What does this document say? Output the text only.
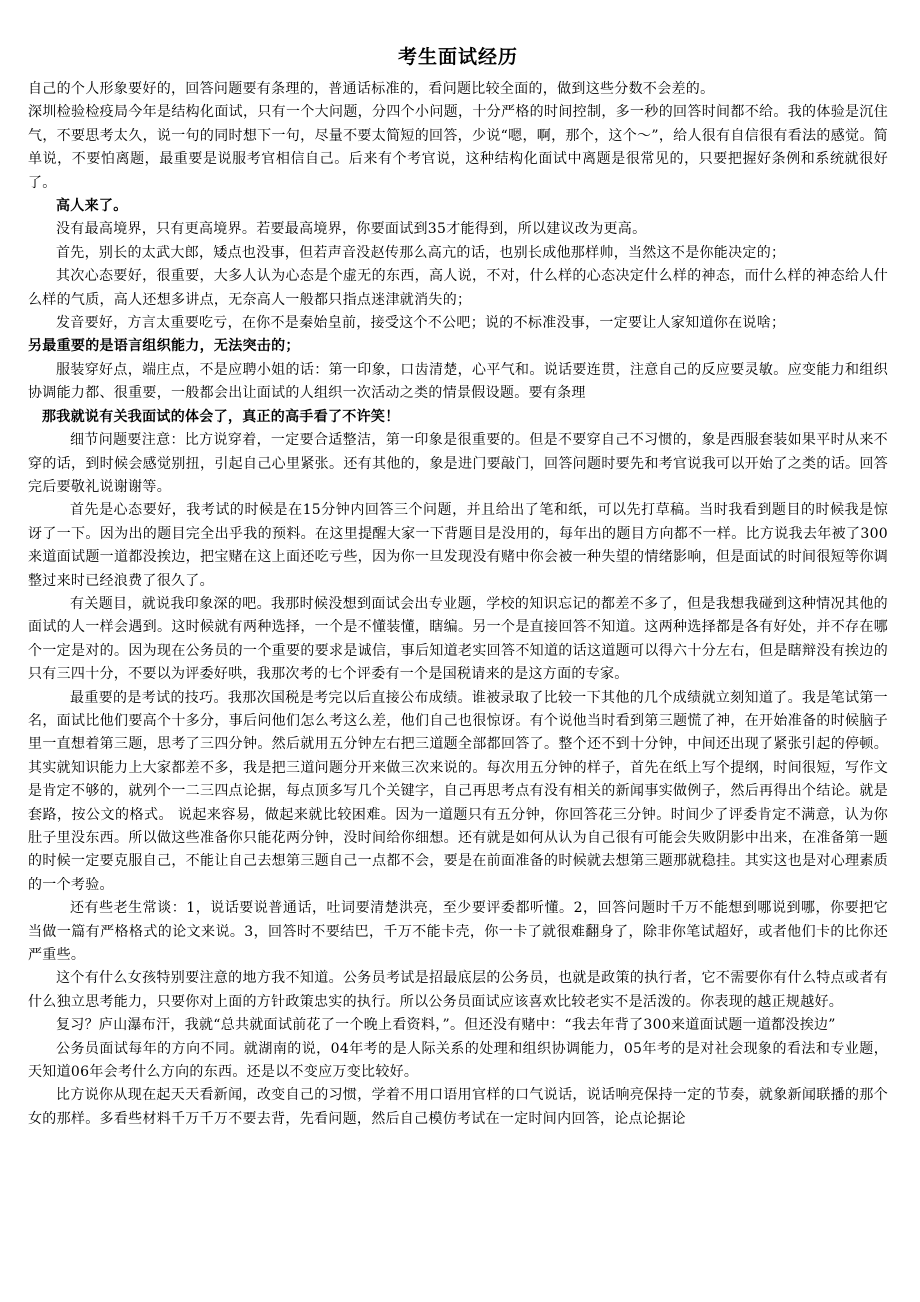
考生面试经历

自己的个人形象要好的，回答问题要有条理的，普通话标准的，看问题比较全面的，做到这些分数不会差的。

深圳检验检疫局今年是结构化面试，只有一个大问题，分四个小问题，十分严格的时间控制，多一秒的回答时间都不给。我的体验是沉住气，不要思考太久，说一句的同时想下一句，尽量不要太简短的回答，少说“嗯，啊，那个，这个～”，给人很有自信很有看法的感觉。简单说，不要怕离题，最重要是说服考官相信自己。后来有个考官说，这种结构化面试中离题是很常见的，只要把握好条例和系统就很好了。

高人来了。

没有最高境界，只有更高境界。若要最高境界，你要面试到35才能得到，所以建议改为更高。

首先，别长的太武大郎，矮点也没事，但若声音没赵传那么高亢的话，也别长成他那样帅，当然这不是你能决定的；

其次心态要好，很重要，大多人认为心态是个虚无的东西，高人说，不对，什么样的心态决定什么样的神态，而什么样的神态给人什么样的气质，高人还想多讲点，无奈高人一般都只指点迷津就消失的；

发音要好，方言太重要吃亏，在你不是秦始皇前，接受这个不公吧；说的不标准没事，一定要让人家知道你在说啥；

另最重要的是语言组织能力，无法突击的；

服装穿好点，端庄点，不是应聘小姐的话：第一印象，口齿清楚，心平气和。说话要连贯，注意自己的反应要灵敏。应变能力和组织协调能力都、很重要，一般都会出让面试的人组织一次活动之类的情景假设题。要有条理

那我就说有关我面试的体会了，真正的高手看了不许笑！

细节问题要注意：比方说穿着，一定要合适整洁，第一印象是很重要的。但是不要穿自己不习惯的，象是西服套装如果平时从来不穿的话，到时候会感觉别扭，引起自己心里紧张。还有其他的，象是进门要敲门，回答问题时要先和考官说我可以开始了之类的话。回答完后要敬礼说谢谢等。

首先是心态要好，我考试的时候是在15分钟内回答三个问题，并且给出了笔和纸，可以先打草稿。当时我看到题目的时候我是惊讶了一下。因为出的题目完全出乎我的预料。在这里提醒大家一下背题目是没用的，每年出的题目方向都不一样。比方说我去年被了300来道面试题一道都没挨边，把宝赌在这上面还吃亏些，因为你一旦发现没有赌中你会被一种失望的情绪影响，但是面试的时间很短等你调整过来时已经浪费了很久了。

有关题目，就说我印象深的吧。我那时候没想到面试会出专业题，学校的知识忘记的都差不多了，但是我想我碰到这种情况其他的面试的人一样会遇到。这时候就有两种选择，一个是不懂装懂，瞎编。另一个是直接回答不知道。这两种选择都是各有好处，并不存在哪个一定是对的。因为现在公务员的一个重要的要求是诚信，事后知道老实回答不知道的话这道题可以得六十分左右，但是瞎辩没有挨边的只有三四十分，不要以为评委好哄，我那次考的七个评委有一个是国税请来的是这方面的专家。

最重要的是考试的技巧。我那次国税是考完以后直接公布成绩。谁被录取了比较一下其他的几个成绩就立刻知道了。我是笔试第一名，面试比他们要高个十多分，事后问他们怎么考这么差，他们自己也很惊讶。有个说他当时看到第三题慌了神，在开始准备的时候脑子里一直想着第三题，思考了三四分钟。然后就用五分钟左右把三道题全部都回答了。整个还不到十分钟，中间还出现了紧张引起的停顿。其实就知识能力上大家都差不多，我是把三道问题分开来做三次来说的。每次用五分钟的样子，首先在纸上写个提纲，时间很短，写作文是肯定不够的，就列个一二三四点论据，每点顶多写几个关键字，自己再思考点有没有相关的新闻事实做例子，然后再得出个结论。就是套路，按公文的格式。 说起来容易，做起来就比较困难。因为一道题只有五分钟，你回答花三分钟。时间少了评委肯定不满意，认为你肚子里没东西。所以做这些准备你只能花两分钟，没时间给你细想。还有就是如何从认为自己很有可能会失败阴影中出来，在准备第一题的时候一定要克服自己，不能让自己去想第三题自己一点都不会，要是在前面准备的时候就去想第三题那就稳挂。其实这也是对心理素质的一个考验。

还有些老生常谈：1，说话要说普通话，吐词要清楚洪亮，至少要评委都听懂。2，回答问题时千万不能想到哪说到哪，你要把它当做一篇有严格格式的论文来说。3，回答时不要结巴，千万不能卡壳，你一卡了就很难翻身了，除非你笔试超好，或者他们卡的比你还严重些。

这个有什么女孩特别要注意的地方我不知道。公务员考试是招最底层的公务员，也就是政策的执行者，它不需要你有什么特点或者有什么独立思考能力，只要你对上面的方针政策忠实的执行。所以公务员面试应该喜欢比较老实不是活泼的。你表现的越正规越好。

复习？庐山瀑布汗，我就“总共就面试前花了一个晚上看资料，”。但还没有赌中：“我去年背了300来道面试题一道都没挨边”

公务员面试每年的方向不同。就湖南的说，04年考的是人际关系的处理和组织协调能力，05年考的是对社会现象的看法和专业题，天知道06年会考什么方向的东西。还是以不变应万变比较好。

比方说你从现在起天天看新闻，改变自己的习惯，学着不用口语用官样的口气说话，说话响亮保持一定的节奏，就象新闻联播的那个女的那样。多看些材料千万千万不要去背，先看问题，然后自己模仿考试在一定时间内回答，论点论据论
